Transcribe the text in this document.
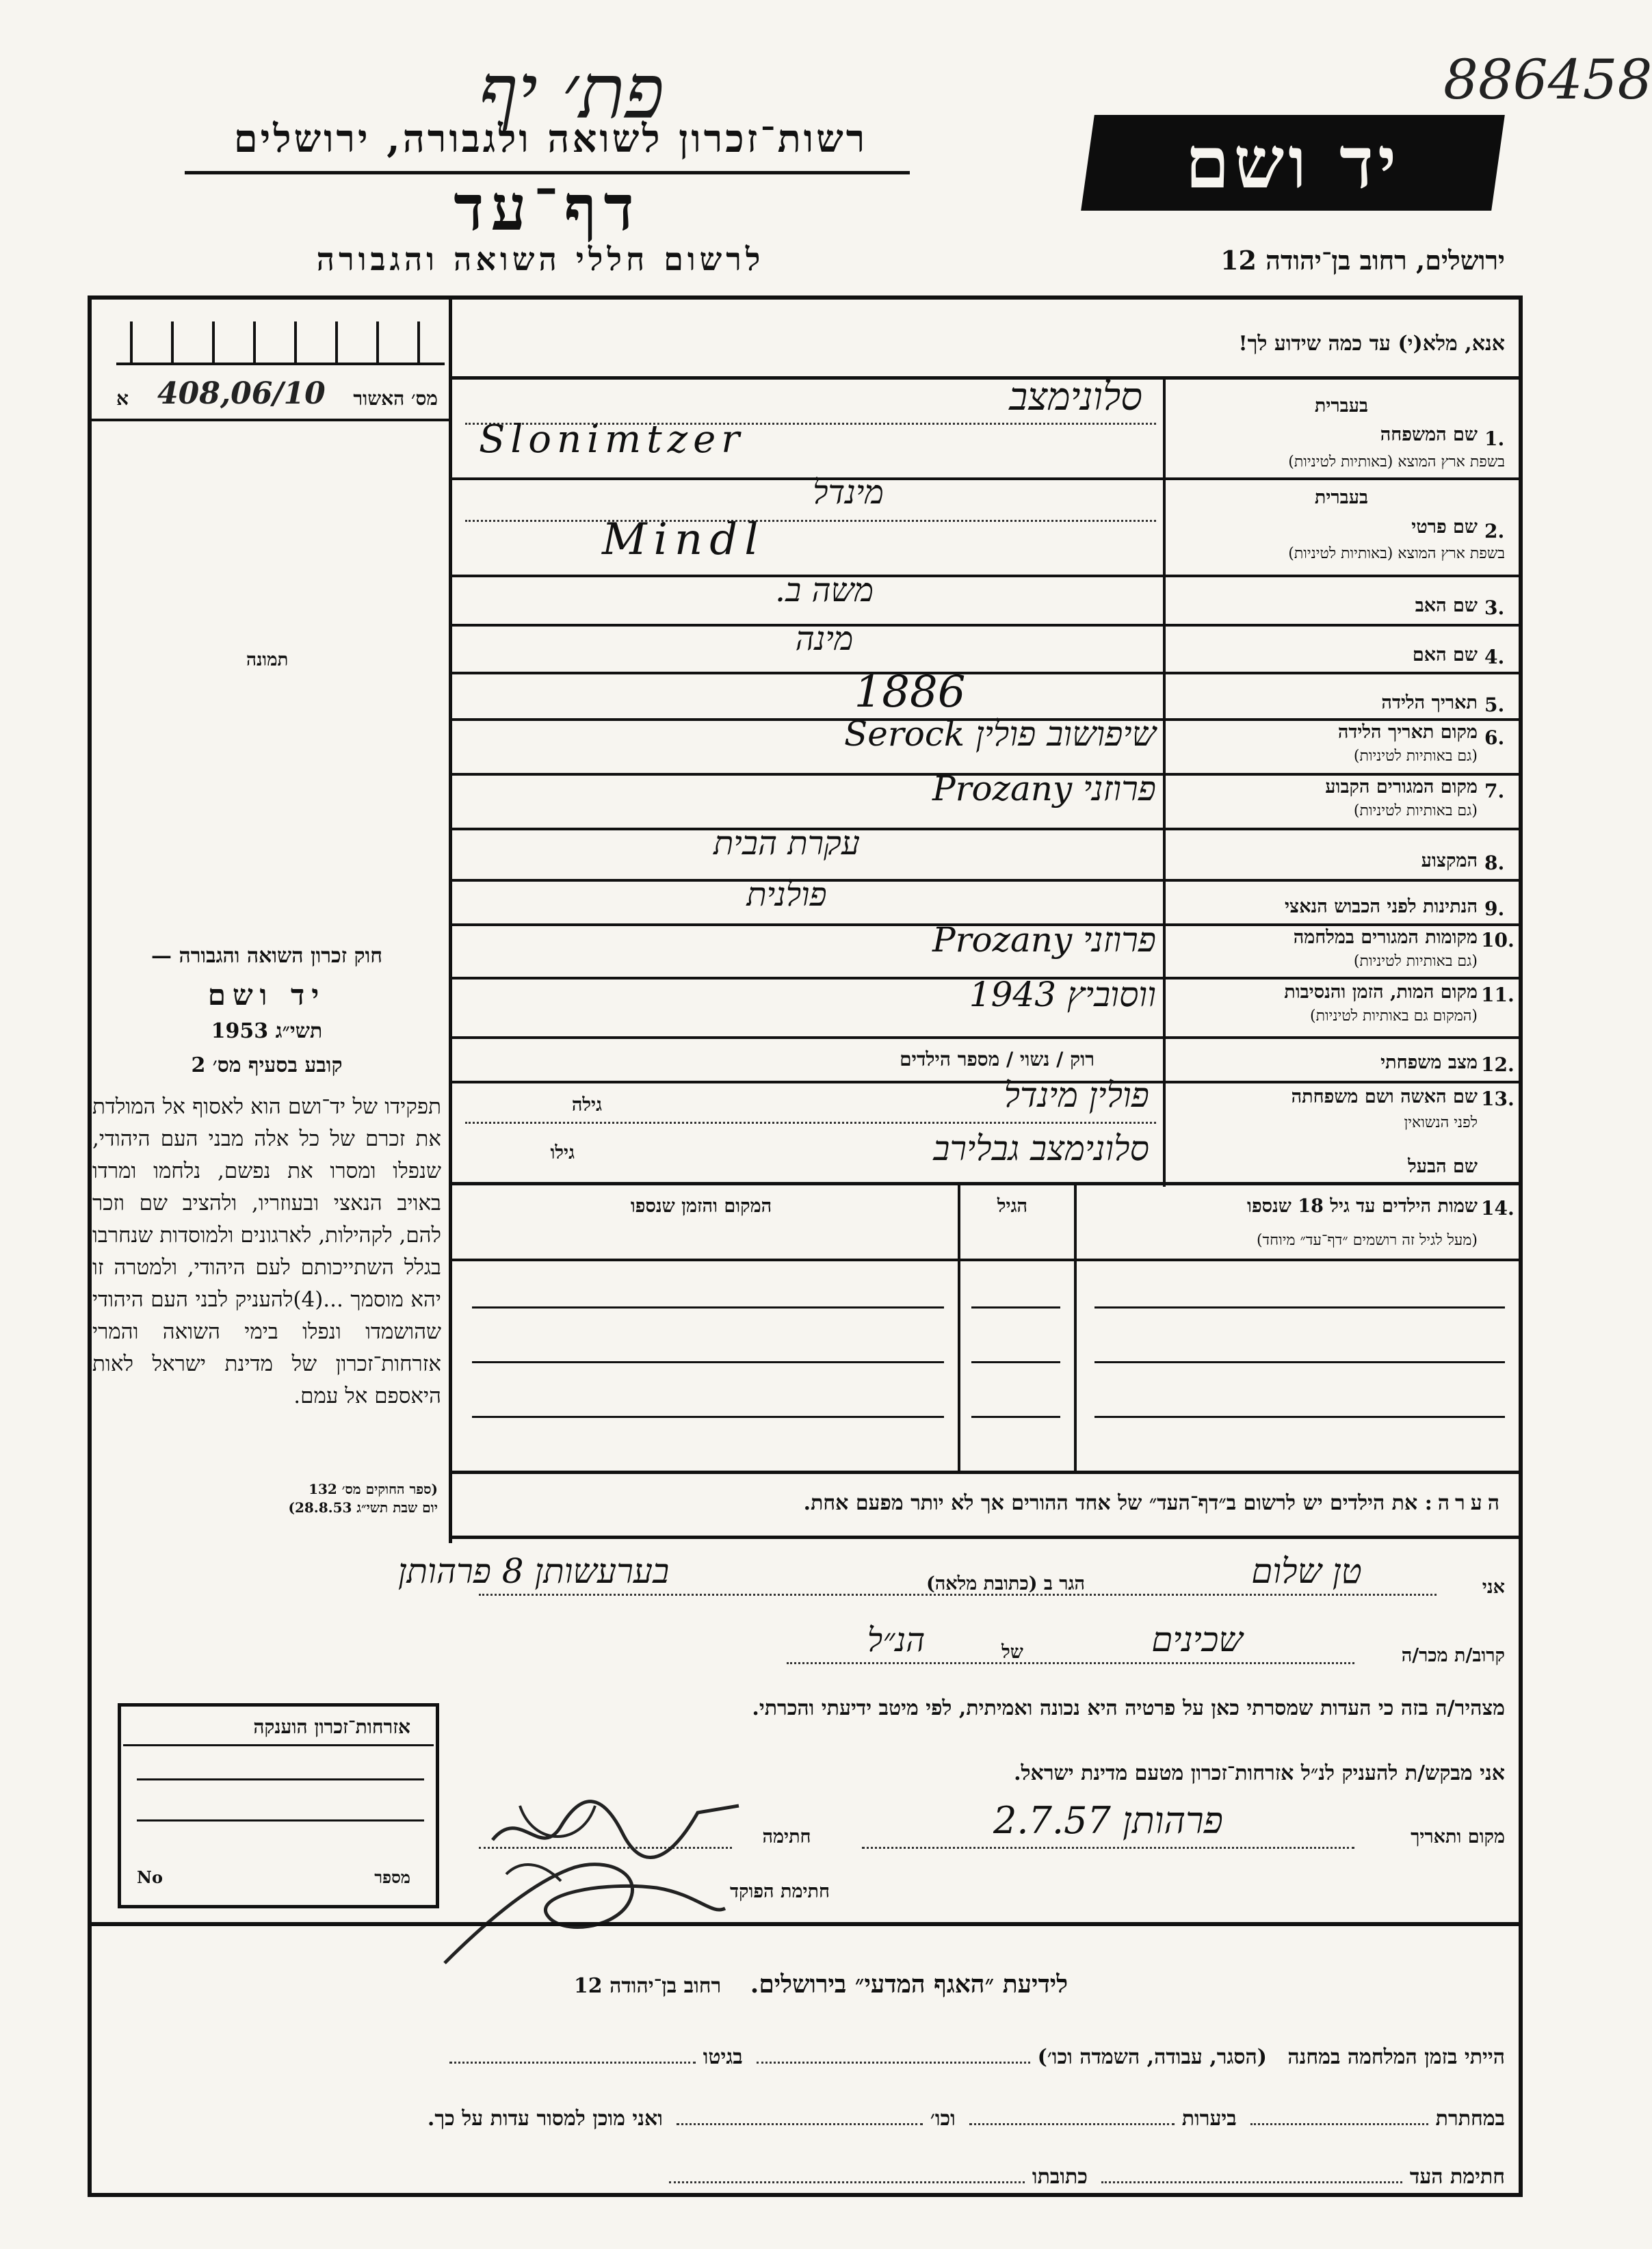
פת׳ יף	886458
רשות־זכרון לשואה ולגבורה, ירושלים
דף־עד
לרשום חללי השואה והגבורה
יד ושם
ירושלים, רחוב בן־יהודה 12
א 408,06/10 מס׳ האשור
תמונה
אנא, מלא(י) עד כמה שידוע לך!
בעברית
1.
שם המשפחה
בשפת ארץ המוצא (באותיות לטיניות)
סלונימצב
Slonimtzer
בעברית
2.
שם פרטי
בשפת ארץ המוצא (באותיות לטיניות)
מינדל
Mindl
3.
שם האב
משה ב.
4.
שם האם
מינה
5.
תאריך הלידה
1886
6.
מקום תאריך הלידה
(גם באותיות לטיניות)
שיפושוב פולין Serock
7.
מקום המגורים הקבוע
(גם באותיות לטיניות)
פרוזני Prozany
8.
המקצוע
עקרת הבית
9.
הנתינות לפני הכבוש הנאצי
פולנית
10.
מקומות המגורים במלחמה
(גם באותיות לטיניות)
פרוזני Prozany
11.
מקום המות, הזמן והנסיבות
(המקום גם באותיות לטיניות)
ווסוביץ 1943
12.
מצב משפחתי
רוק / נשוי / מספר הילדים
13.
שם האשה ושם משפחתה
לפני הנשואין
פולין מינדל
גילה
שם הבעל
סלונימצב גבלירב
גילו
14.
שמות הילדים עד גיל 18 שנספו
(מעל לגיל זה רושמים ״דף־עד״ מיוחד)
הגיל
המקום והזמן שנספו
הערה: את הילדים יש לרשום ב״דף־העד״ של אחד ההורים אך לא יותר מפעם אחת.
חוק זכרון השואה והגבורה —
יד ושם
תשי״ג 1953
קובע בסעיף מס׳ 2
תפקידו של יד־ושם הוא לאסוף אל המולדת את זכרם של כל אלה מבני העם היהודי, שנפלו ומסרו את נפשם, נלחמו ומרדו באויב הנאצי ובעוזריו, ולהציב שם וזכר להם, לקהילות, לארגונים ולמוסדות שנחרבו בגלל השתייכותם לעם היהודי, ולמטרה זו יהא מוסמך ...(4)להעניק לבני העם היהודי שהושמדו ונפלו בימי השואה והמרי אזרחות־זכרון של מדינת ישראל לאות היאספם אל עמם.
(ספר החוקים מס׳ 132
יום שבת תשי״ג 28.8.53)
אני
טן שלום
הגר ב (כתובת מלאה)
בערעשותן 8 פרהותן
קרוב/ת מכר/ה
שכינים
של
הנ״ל
מצהיר/ה בזה כי העדות שמסרתי כאן על פרטיה היא נכונה ואמיתית, לפי מיטב ידיעתי והכרתי.
אני מבקש/ת להעניק לנ״ל אזרחות־זכרון מטעם מדינת ישראל.
מקום ותאריך
פרהותן 2.7.57
חתימה
חתימת הפוקד
אזרחות־זכרון הוענקה
מספר
No
לידיעת ״האגף המדעי״ בירושלים. רחוב בן־יהודה 12
הייתי בזמן המלחמה במחנה (הסגר, עבודה, השמדה וכו׳)  בגיטו
במחתרת  ביערות  וכו׳  ואני מוכן למסור עדות על כך.
חתימת העד  כתובתו
